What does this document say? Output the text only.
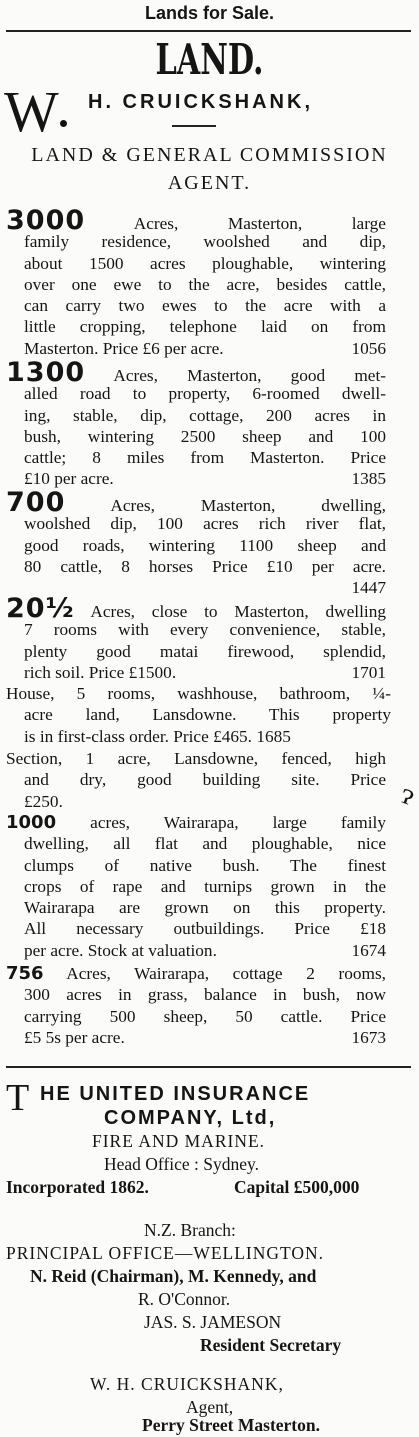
Lands for Sale.
LAND.
W H. CRUICKSHANK,
LAND & GENERAL COMMISSION
AGENT.
3000	Acres, Masterton, large
family residence, woolshed and dip,
about 1500 acres ploughable, wintering
over one ewe to the acre, besides cattle,
can carry two ewes to the acre with a
little cropping, telephone laid on from
Masterton. Price £6 per acre.	1056
1300 Acres, Masterton, good met-
alled road to property, 6-roomed dwell-
ing, stable, dip, cottage, 200 acres in
bush, wintering 2500 sheep and 100
cattle; 8 miles from Masterton. Price
£10 per acre.	1385
700	Acres, Masterton, dwelling,
woolshed dip, 100 acres rich river flat,
good roads, wintering 1100 sheep and
80 cattle, 8 horses Price £10 per acre.
1447
20½ Acres, close to Masterton, dwelling
7 rooms with every convenience, stable,
plenty good matai firewood, splendid,
rich soil. Price £1500.	1701
House, 5 rooms, washhouse, bathroom, ¼-
acre land, Lansdowne. This property
is in first-class order. Price £465. 1685
Section, 1 acre, Lansdowne, fenced, high
and dry, good building site. Price
£250.
1000 acres, Wairarapa, large family
dwelling, all flat and ploughable, nice
clumps of native bush. The finest
crops of rape and turnips grown in the
Wairarapa are grown on this property.
All necessary outbuildings. Price £18
per acre. Stock at valuation.	1674
756 Acres, Wairarapa, cottage 2 rooms,
300 acres in grass, balance in bush, now
carrying 500 sheep, 50 cattle. Price
£5 5s per acre.	1673
T HE UNITED INSURANCE
COMPANY, Ltd,
ɂ
FIRE AND MARINE.
Head Office : Sydney.
Incorporated 1862.	Capital £500,000
N.Z. Branch:
PRINCIPAL OFFICE—WELLINGTON.
N. Reid (Chairman), M. Kennedy, and
R. O'Connor.
JAS. S. JAMESON
Resident Secretary
W. H. CRUICKSHANK,
Agent,
Perry Street Masterton.
